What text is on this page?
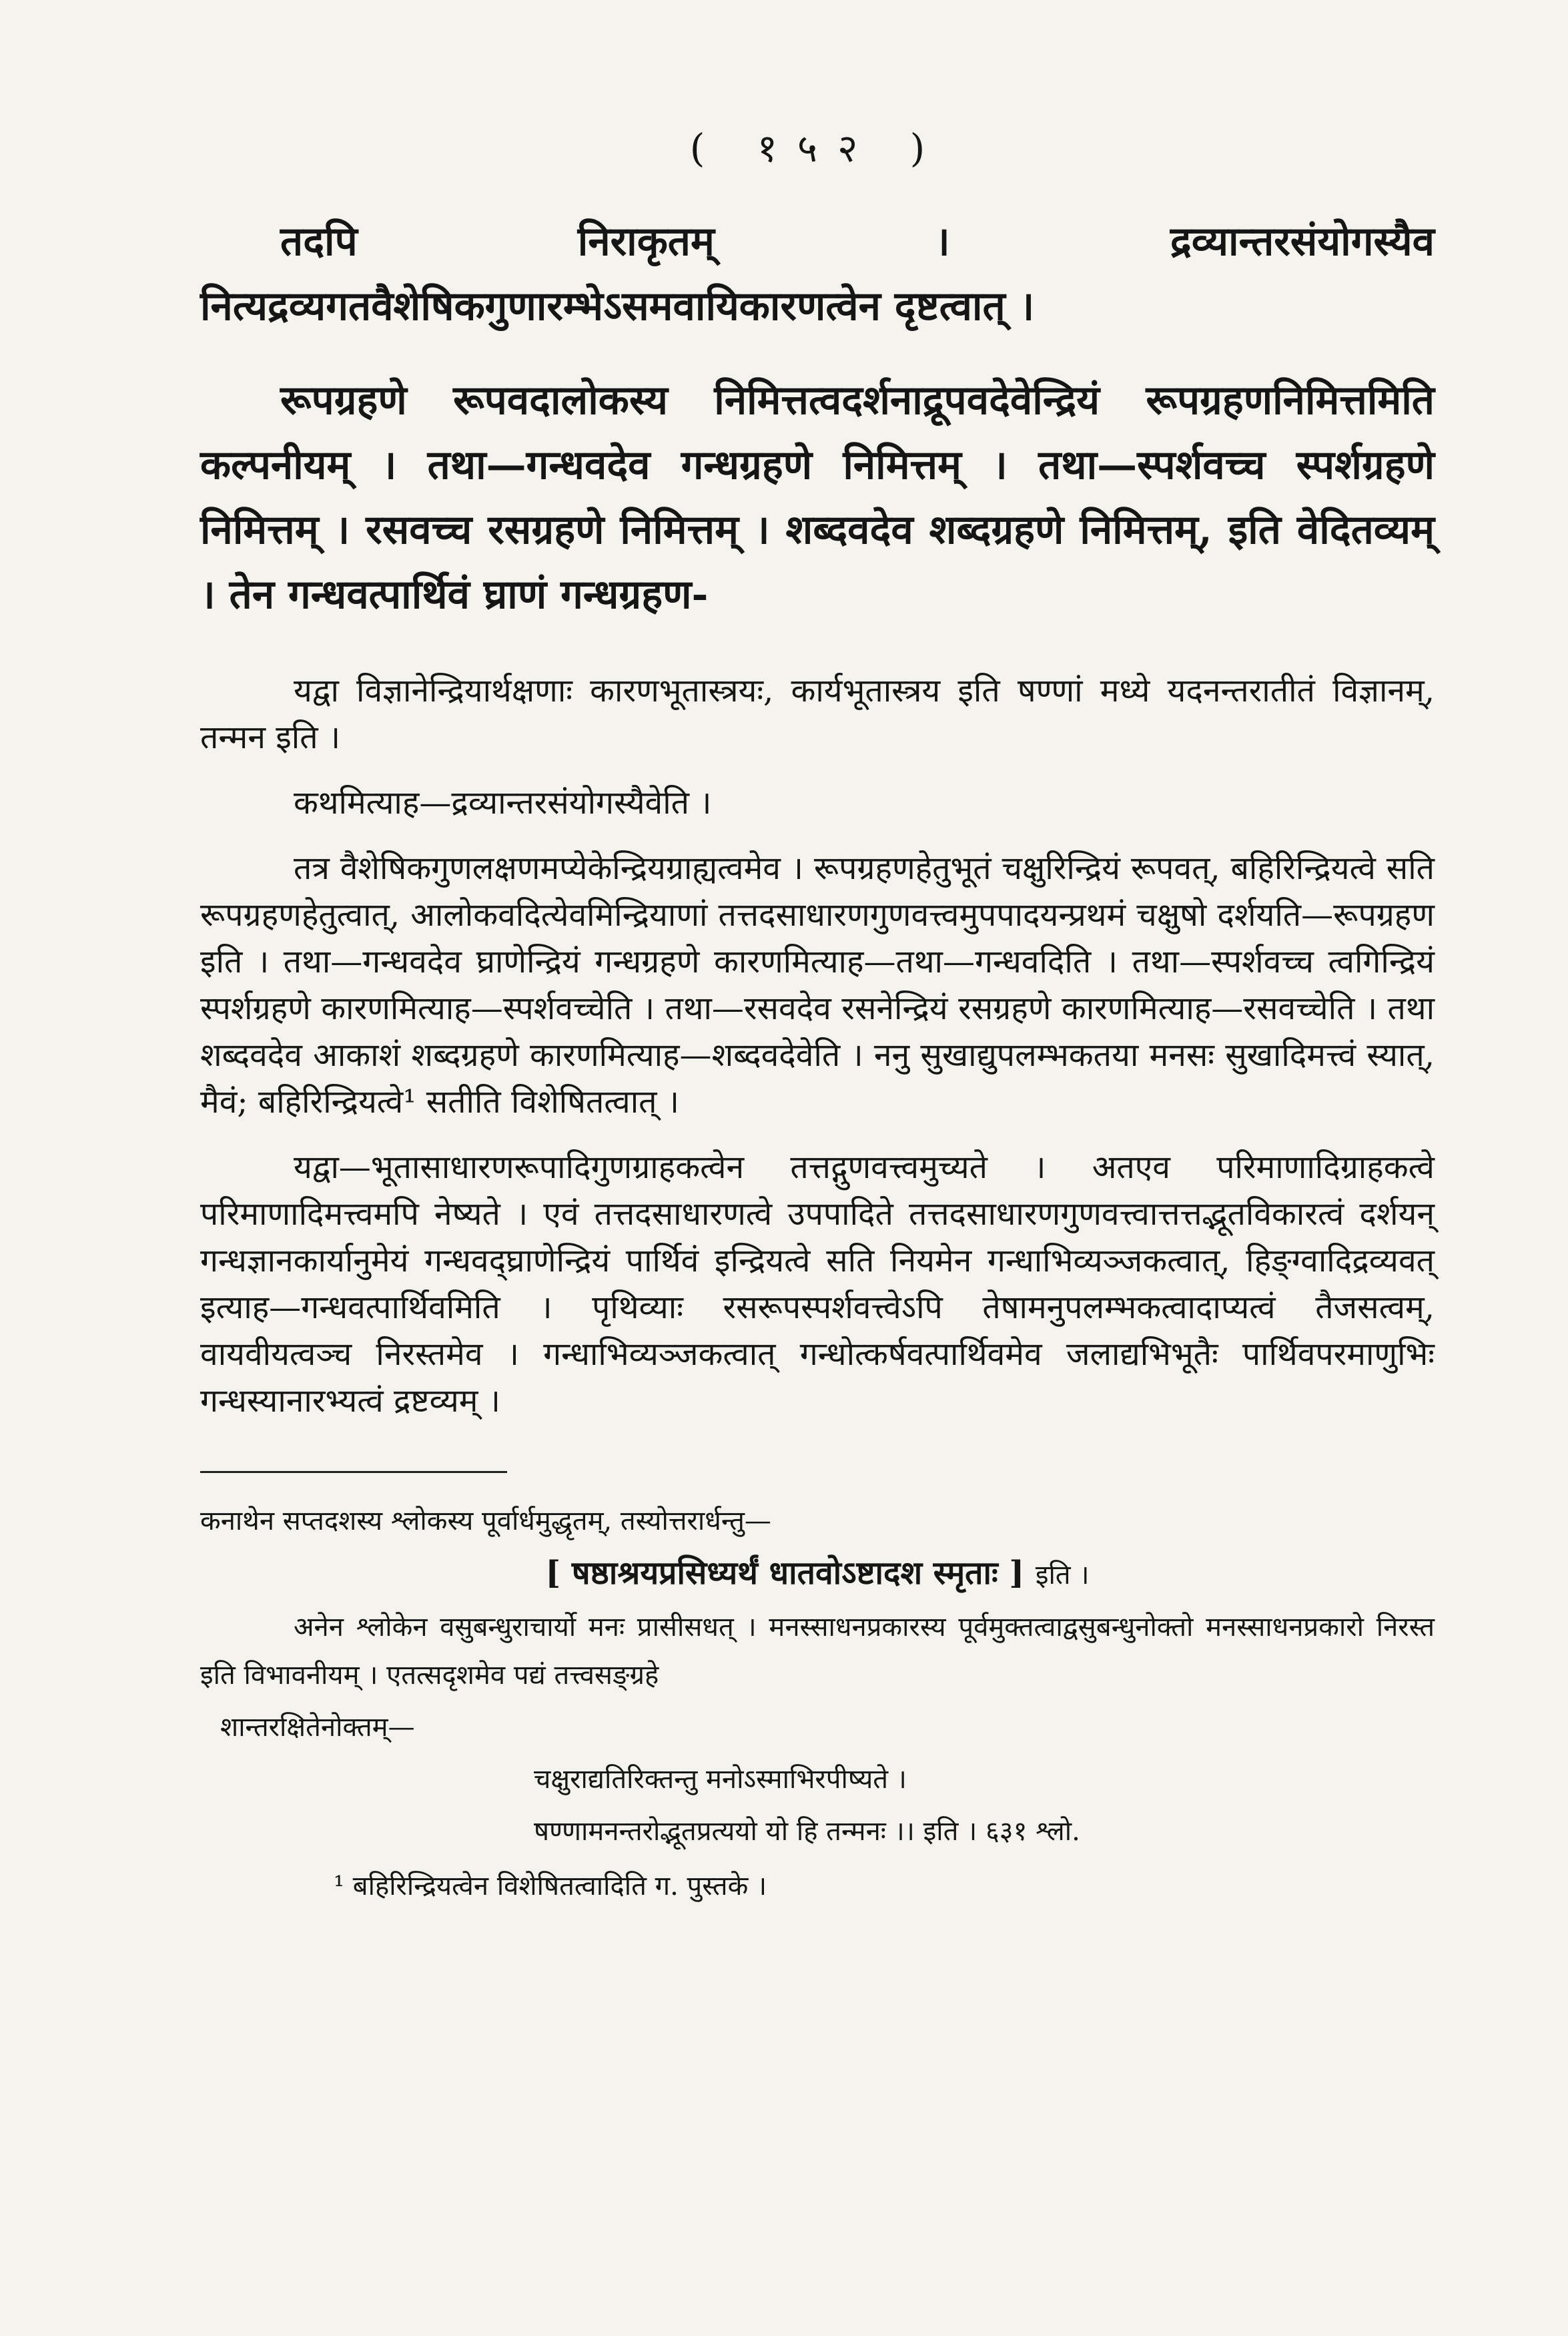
( १५२ )

तदपि निराकृतम् । द्रव्यान्तरसंयोगस्यैव नित्यद्रव्यगतवैशेषिकगुणारम्भेऽसमवायिकारणत्वेन दृष्टत्वात् ।

रूपग्रहणे रूपवदालोकस्य निमित्तत्वदर्शनाद्रूपवदेवेन्द्रियं रूपग्रहणनिमित्तमिति कल्पनीयम् । तथा—गन्धवदेव गन्धग्रहणे निमित्तम् । तथा—स्पर्शवच्च स्पर्शग्रहणे निमित्तम् । रसवच्च रसग्रहणे निमित्तम् । शब्दवदेव शब्दग्रहणे निमित्तम्, इति वेदितव्यम् । तेन गन्धवत्पार्थिवं घ्राणं गन्धग्रहण-

यद्वा विज्ञानेन्द्रियार्थक्षणाः कारणभूतास्त्रयः, कार्यभूतास्त्रय इति षण्णां मध्ये यदनन्तरातीतं विज्ञानम्, तन्मन इति ।

कथमित्याह—द्रव्यान्तरसंयोगस्यैवेति ।

तत्र वैशेषिकगुणलक्षणमप्येकेन्द्रियग्राह्यत्वमेव । रूपग्रहणहेतुभूतं चक्षुरिन्द्रियं रूपवत्, बहिरिन्द्रियत्वे सति रूपग्रहणहेतुत्वात्, आलोकवदित्येवमिन्द्रियाणां तत्तदसाधारणगुणवत्त्वमुपपादयन्प्रथमं चक्षुषो दर्शयति—रूपग्रहण इति । तथा—गन्धवदेव घ्राणेन्द्रियं गन्धग्रहणे कारणमित्याह—तथा—गन्धवदिति । तथा—स्पर्शवच्च त्वगिन्द्रियं स्पर्शग्रहणे कारणमित्याह—स्पर्शवच्चेति । तथा—रसवदेव रसनेन्द्रियं रसग्रहणे कारणमित्याह—रसवच्चेति । तथा शब्दवदेव आकाशं शब्दग्रहणे कारणमित्याह—शब्दवदेवेति । ननु सुखाद्युपलम्भकतया मनसः सुखादिमत्त्वं स्यात्, मैवं; बहिरिन्द्रियत्वे¹ सतीति विशेषितत्वात् ।

यद्वा—भूतासाधारणरूपादिगुणग्राहकत्वेन तत्तद्गुणवत्त्वमुच्यते । अतएव परिमाणादिग्राहकत्वे परिमाणादिमत्त्वमपि नेष्यते । एवं तत्तदसाधारणत्वे उपपादिते तत्तदसाधारणगुणवत्त्वात्तत्तद्भूतविकारत्वं दर्शयन् गन्धज्ञानकार्यानुमेयं गन्धवद्घ्राणेन्द्रियं पार्थिवं इन्द्रियत्वे सति नियमेन गन्धाभिव्यञ्जकत्वात्, हिङ्ग्वादिद्रव्यवत् इत्याह—गन्धवत्पार्थिवमिति । पृथिव्याः रसरूपस्पर्शवत्त्वेऽपि तेषामनुपलम्भकत्वादाप्यत्वं तैजसत्वम्, वायवीयत्वञ्च निरस्तमेव । गन्धाभिव्यञ्जकत्वात् गन्धोत्कर्षवत्पार्थिवमेव जलाद्यभिभूतैः पार्थिवपरमाणुभिः गन्धस्यानारभ्यत्वं द्रष्टव्यम् ।

कनाथेन सप्तदशस्य श्लोकस्य पूर्वार्धमुद्धृतम्, तस्योत्तरार्धन्तु—

[ षष्ठाश्रयप्रसिध्यर्थं धातवोऽष्टादश स्मृताः ] इति ।

अनेन श्लोकेन वसुबन्धुराचार्यो मनः प्रासीसधत् । मनस्साधनप्रकारस्य पूर्वमुक्तत्वाद्वसुबन्धुनोक्तो मनस्साधनप्रकारो निरस्त इति विभावनीयम् । एतत्सदृशमेव पद्यं तत्त्वसङ्ग्रहे

शान्तरक्षितेनोक्तम्—

चक्षुराद्यतिरिक्तन्तु मनोऽस्माभिरपीष्यते ।

षण्णामनन्तरोद्भूतप्रत्ययो यो हि तन्मनः ।। इति । ६३१ श्लो.

¹ बहिरिन्द्रियत्वेन विशेषितत्वादिति ग. पुस्तके ।
